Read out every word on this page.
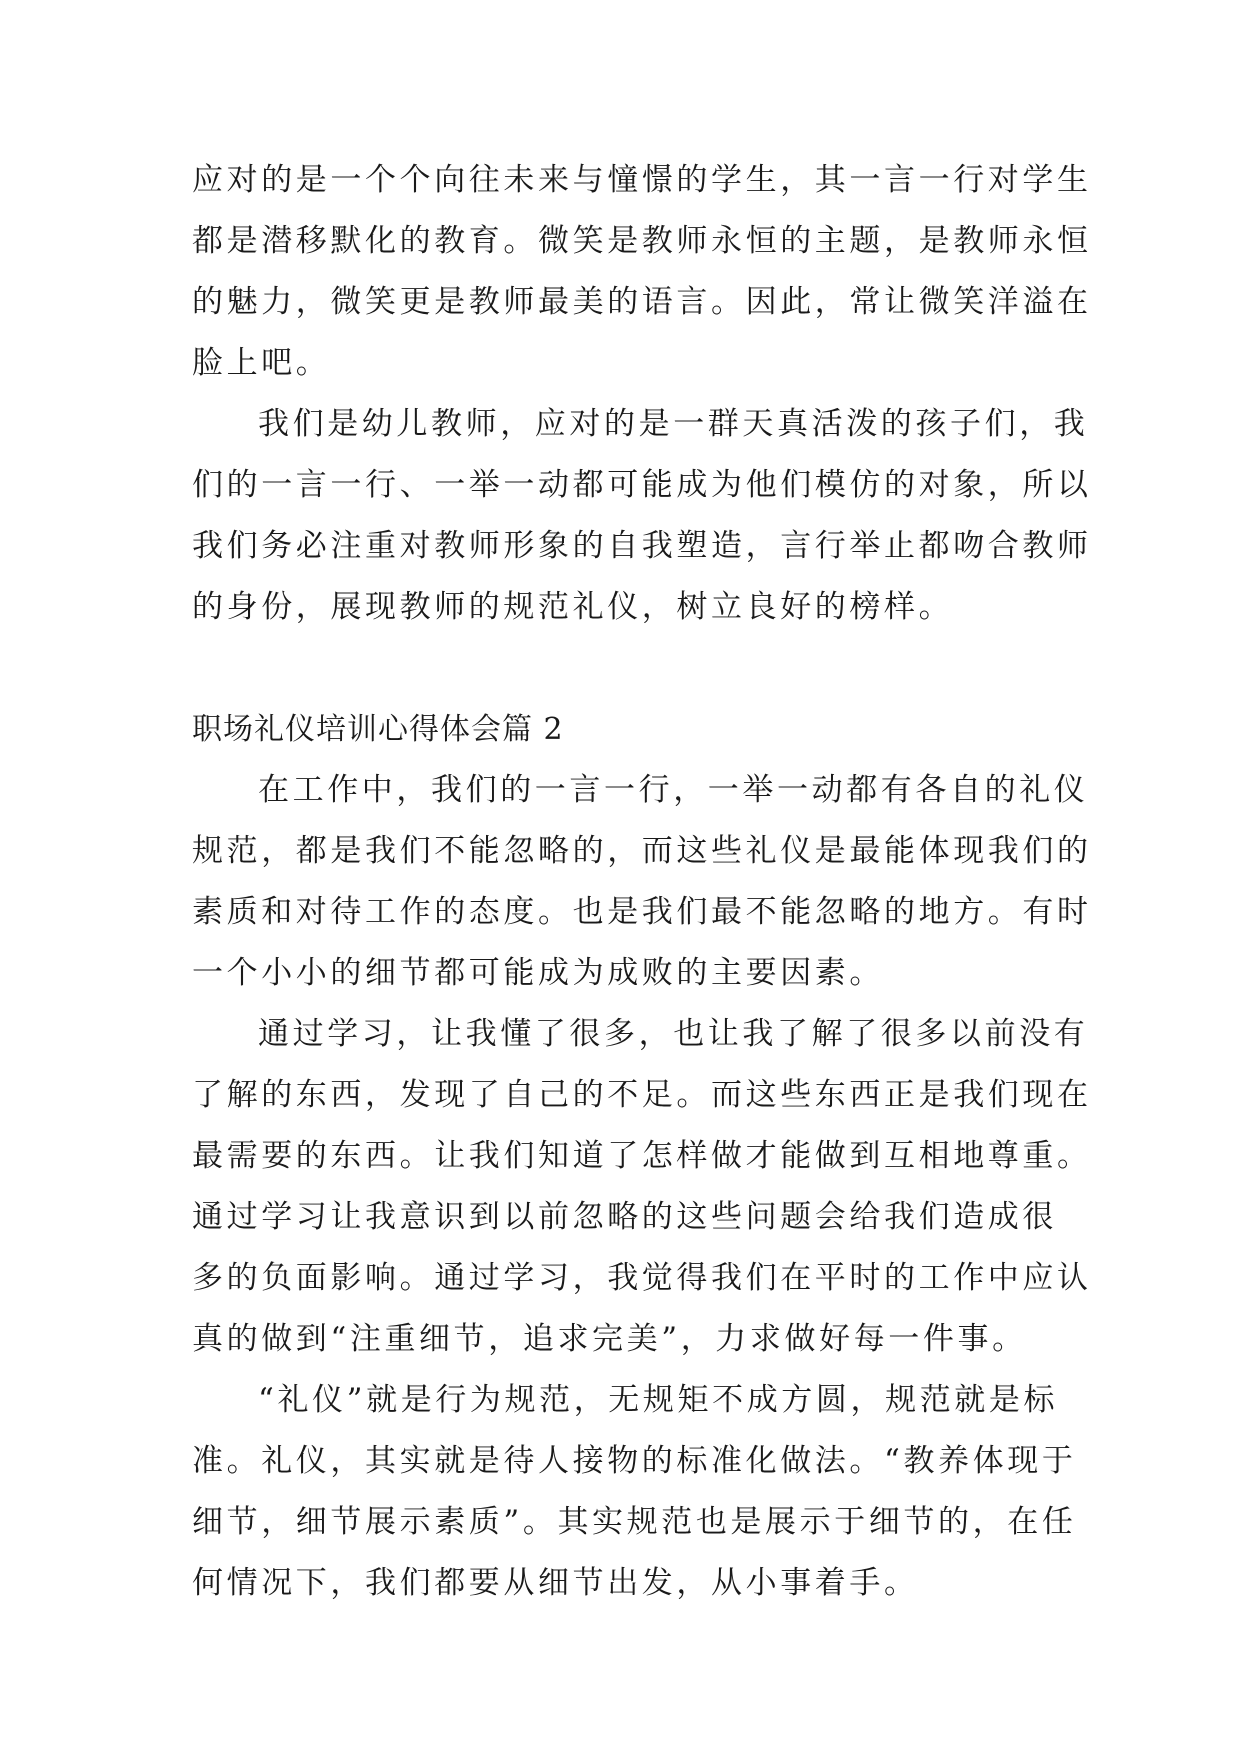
应对的是一个个向往未来与憧憬的学生，其一言一行对学生
都是潜移默化的教育。微笑是教师永恒的主题，是教师永恒
的魅力，微笑更是教师最美的语言。因此，常让微笑洋溢在
脸上吧。
我们是幼儿教师，应对的是一群天真活泼的孩子们，我
们的一言一行、一举一动都可能成为他们模仿的对象，所以
我们务必注重对教师形象的自我塑造，言行举止都吻合教师
的身份，展现教师的规范礼仪，树立良好的榜样。
职场礼仪培训心得体会篇 2
在工作中，我们的一言一行，一举一动都有各自的礼仪
规范，都是我们不能忽略的，而这些礼仪是最能体现我们的
素质和对待工作的态度。也是我们最不能忽略的地方。有时
一个小小的细节都可能成为成败的主要因素。
通过学习，让我懂了很多，也让我了解了很多以前没有
了解的东西，发现了自己的不足。而这些东西正是我们现在
最需要的东西。让我们知道了怎样做才能做到互相地尊重。
通过学习让我意识到以前忽略的这些问题会给我们造成很
多的负面影响。通过学习，我觉得我们在平时的工作中应认
真的做到“注重细节，追求完美”，力求做好每一件事。
“礼仪”就是行为规范，无规矩不成方圆，规范就是标
准。礼仪，其实就是待人接物的标准化做法。“教养体现于
细节，细节展示素质”。其实规范也是展示于细节的，在任
何情况下，我们都要从细节出发，从小事着手。
